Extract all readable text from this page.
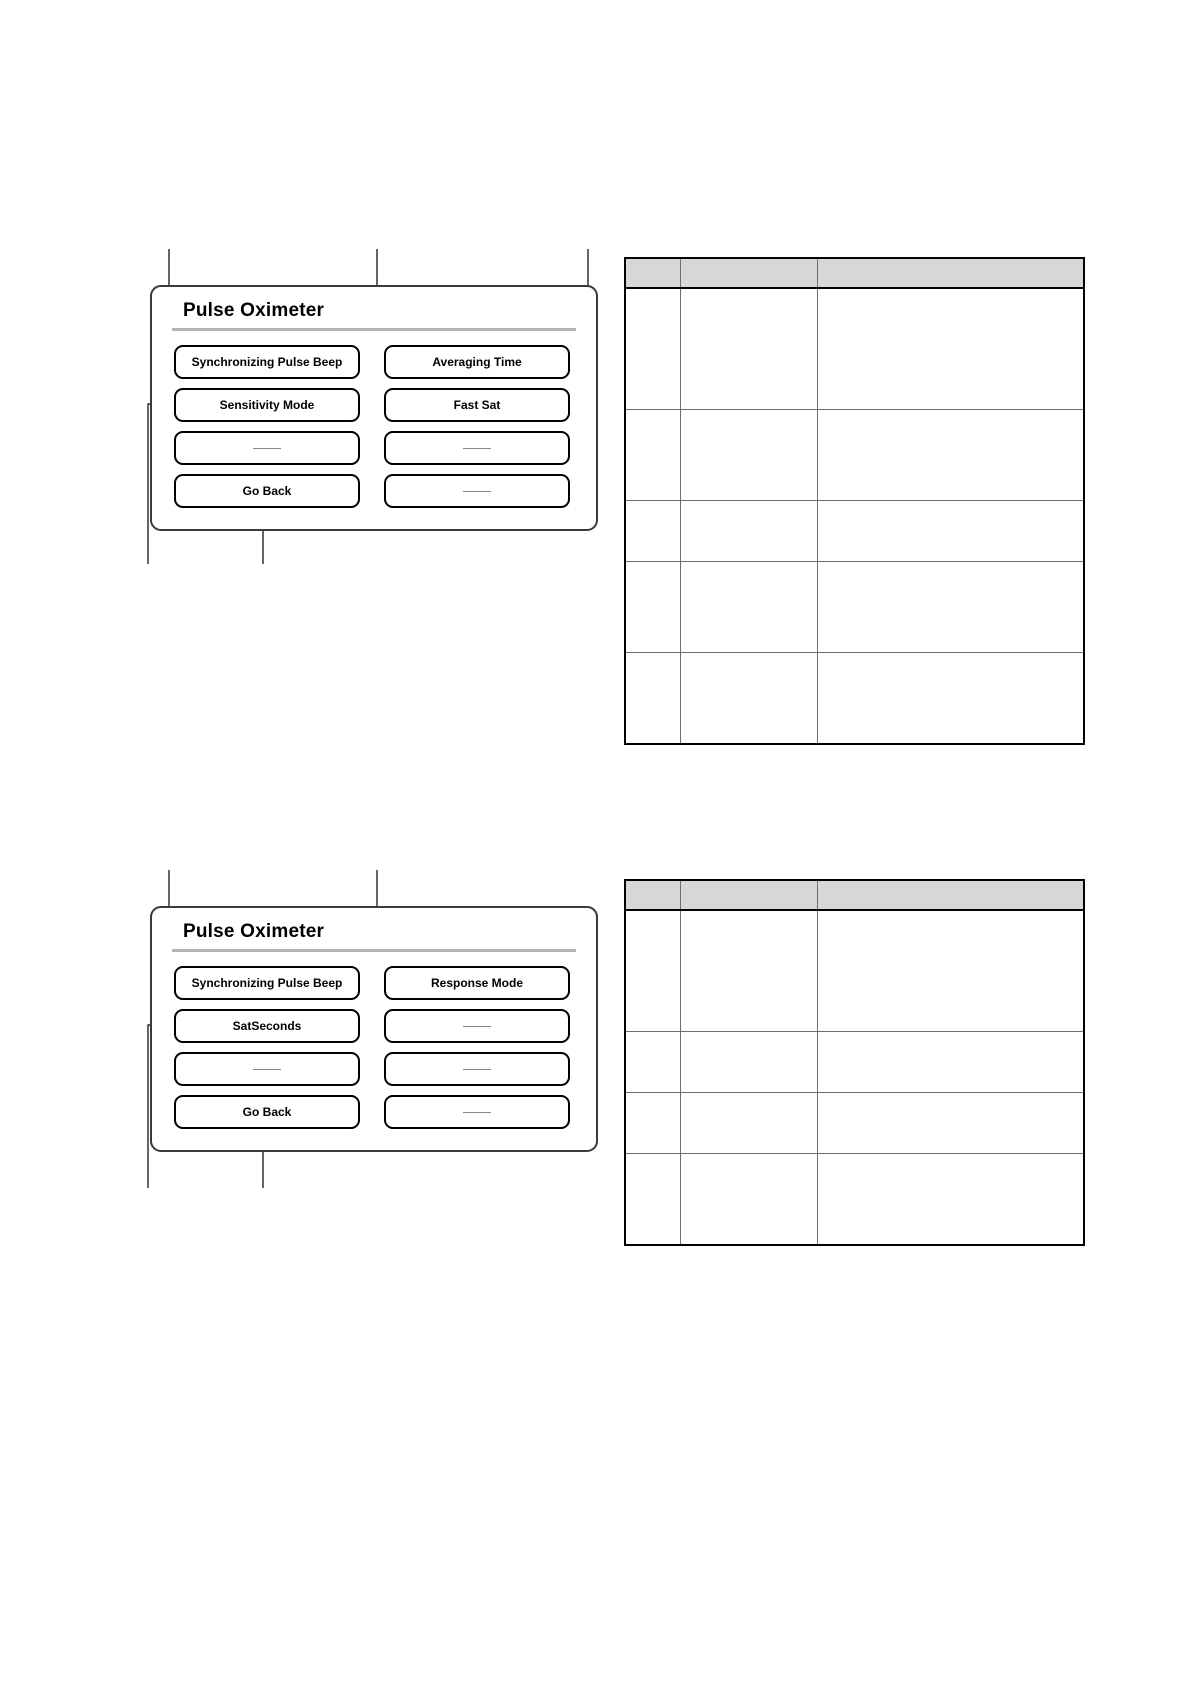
Pulse Oximeter
Synchronizing Pulse Beep	Averaging Time
Sensitivity Mode	Fast Sat
Go Back

Pulse Oximeter
Synchronizing Pulse Beep	Response Mode
SatSeconds
Go Back
